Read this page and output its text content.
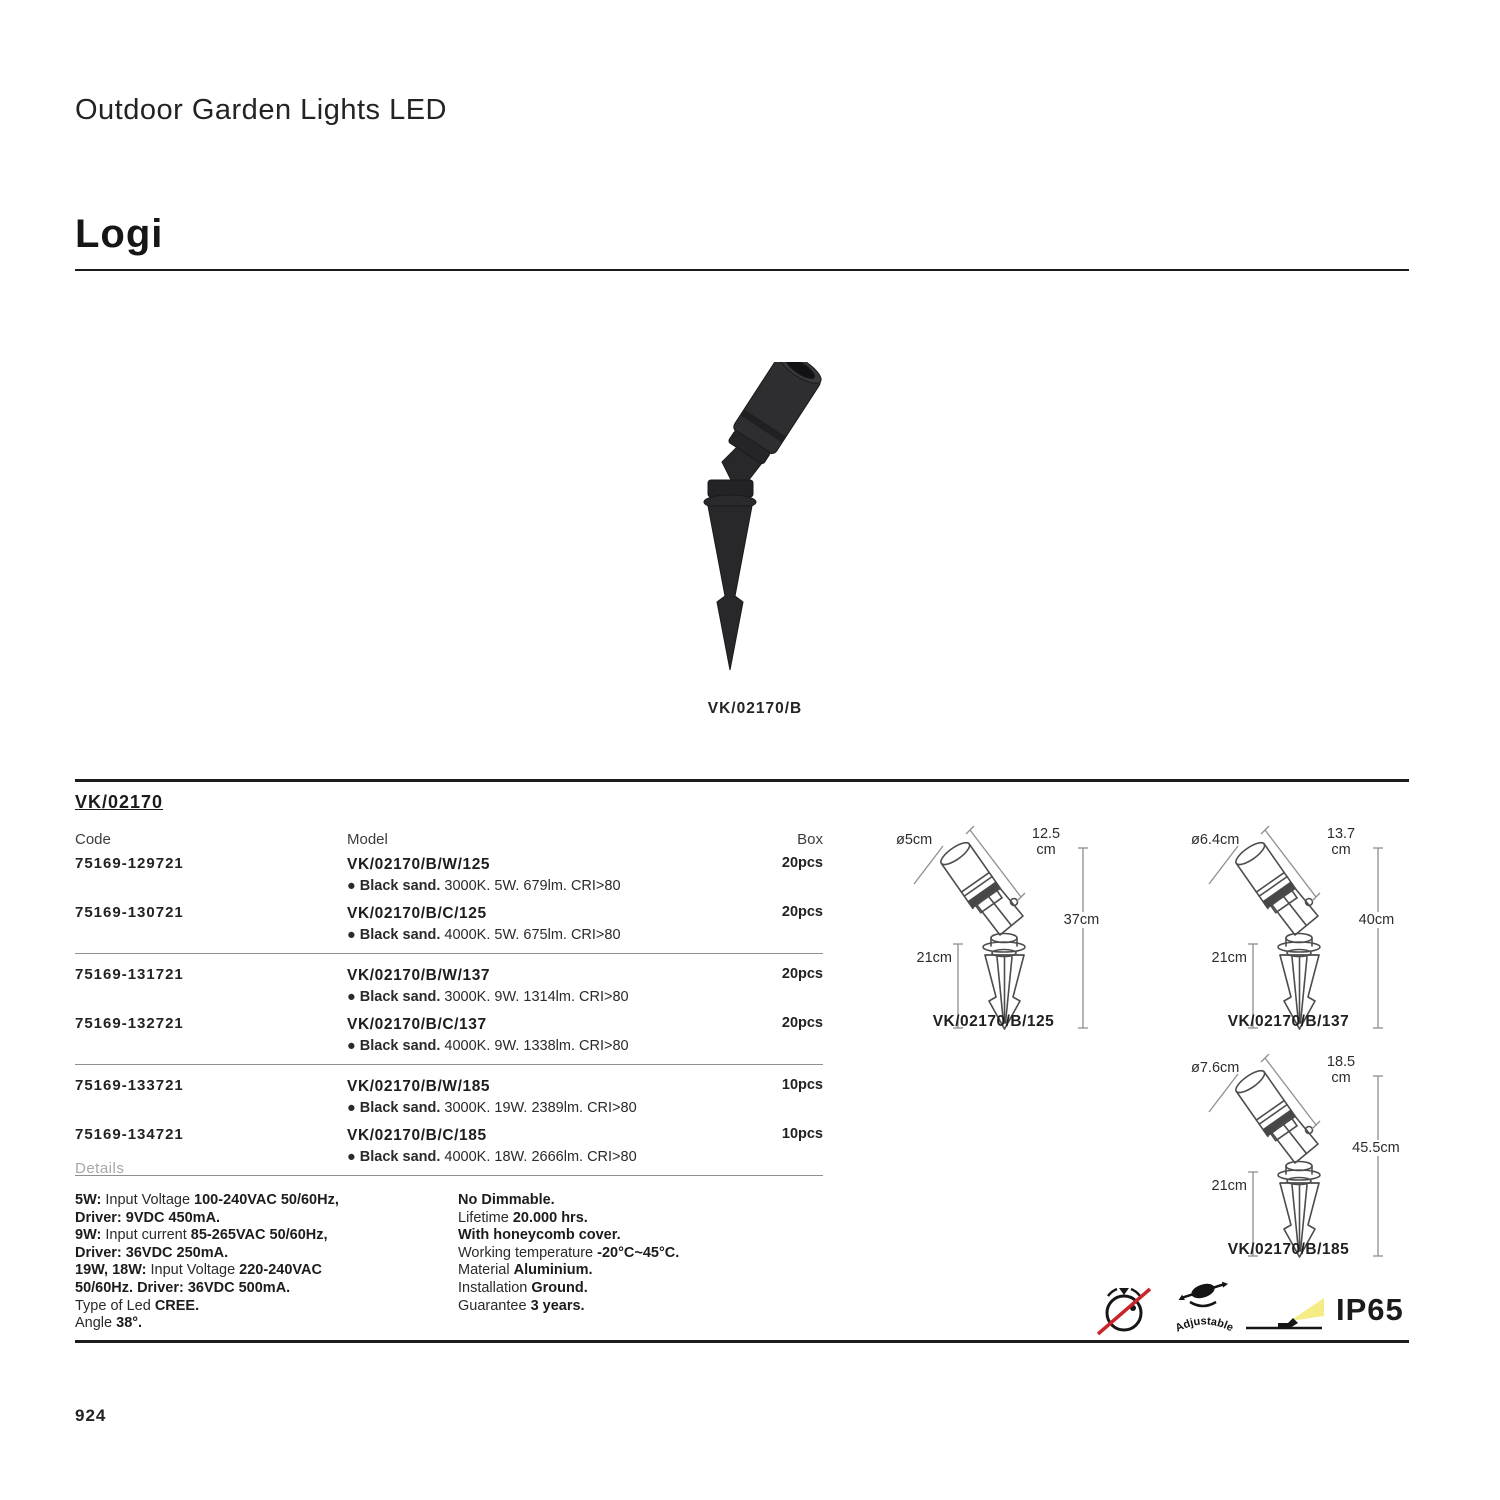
Outdoor Garden Lights LED
Logi
VK/02170/B
VK/02170
Code	Model	Box
75169-129721	VK/02170/B/W/125
● Black sand. 3000K. 5W. 679lm. CRI>80
20pcs
75169-130721	VK/02170/B/C/125
● Black sand. 4000K. 5W. 675lm. CRI>80
20pcs
75169-131721	VK/02170/B/W/137
● Black sand. 3000K. 9W. 1314lm. CRI>80
20pcs
75169-132721	VK/02170/B/C/137
● Black sand. 4000K. 9W. 1338lm. CRI>80
20pcs
75169-133721	VK/02170/B/W/185
● Black sand. 3000K. 19W. 2389lm. CRI>80
10pcs
75169-134721	VK/02170/B/C/185
● Black sand. 4000K. 18W. 2666lm. CRI>80
10pcs
Details
5W: Input Voltage 100-240VAC 50/60Hz,
Driver: 9VDC 450mA.
9W: Input current 85-265VAC 50/60Hz,
Driver: 36VDC 250mA.
19W, 18W: Input Voltage 220-240VAC
50/60Hz. Driver: 36VDC 500mA.
Type of Led CREE.
Angle 38°.
No Dimmable.
Lifetime 20.000 hrs.
With honeycomb cover.
Working temperature -20°C~45°C.
Material Aluminium.
Installation Ground.
Guarantee 3 years.
ø5cm	12.5
cm
37cm
21cm
VK/02170/B/125
ø6.4cm	13.7
cm
40cm
21cm
VK/02170/B/137
ø7.6cm	18.5
cm
45.5cm
21cm
VK/02170/B/185
Adjustable
IP65
924
